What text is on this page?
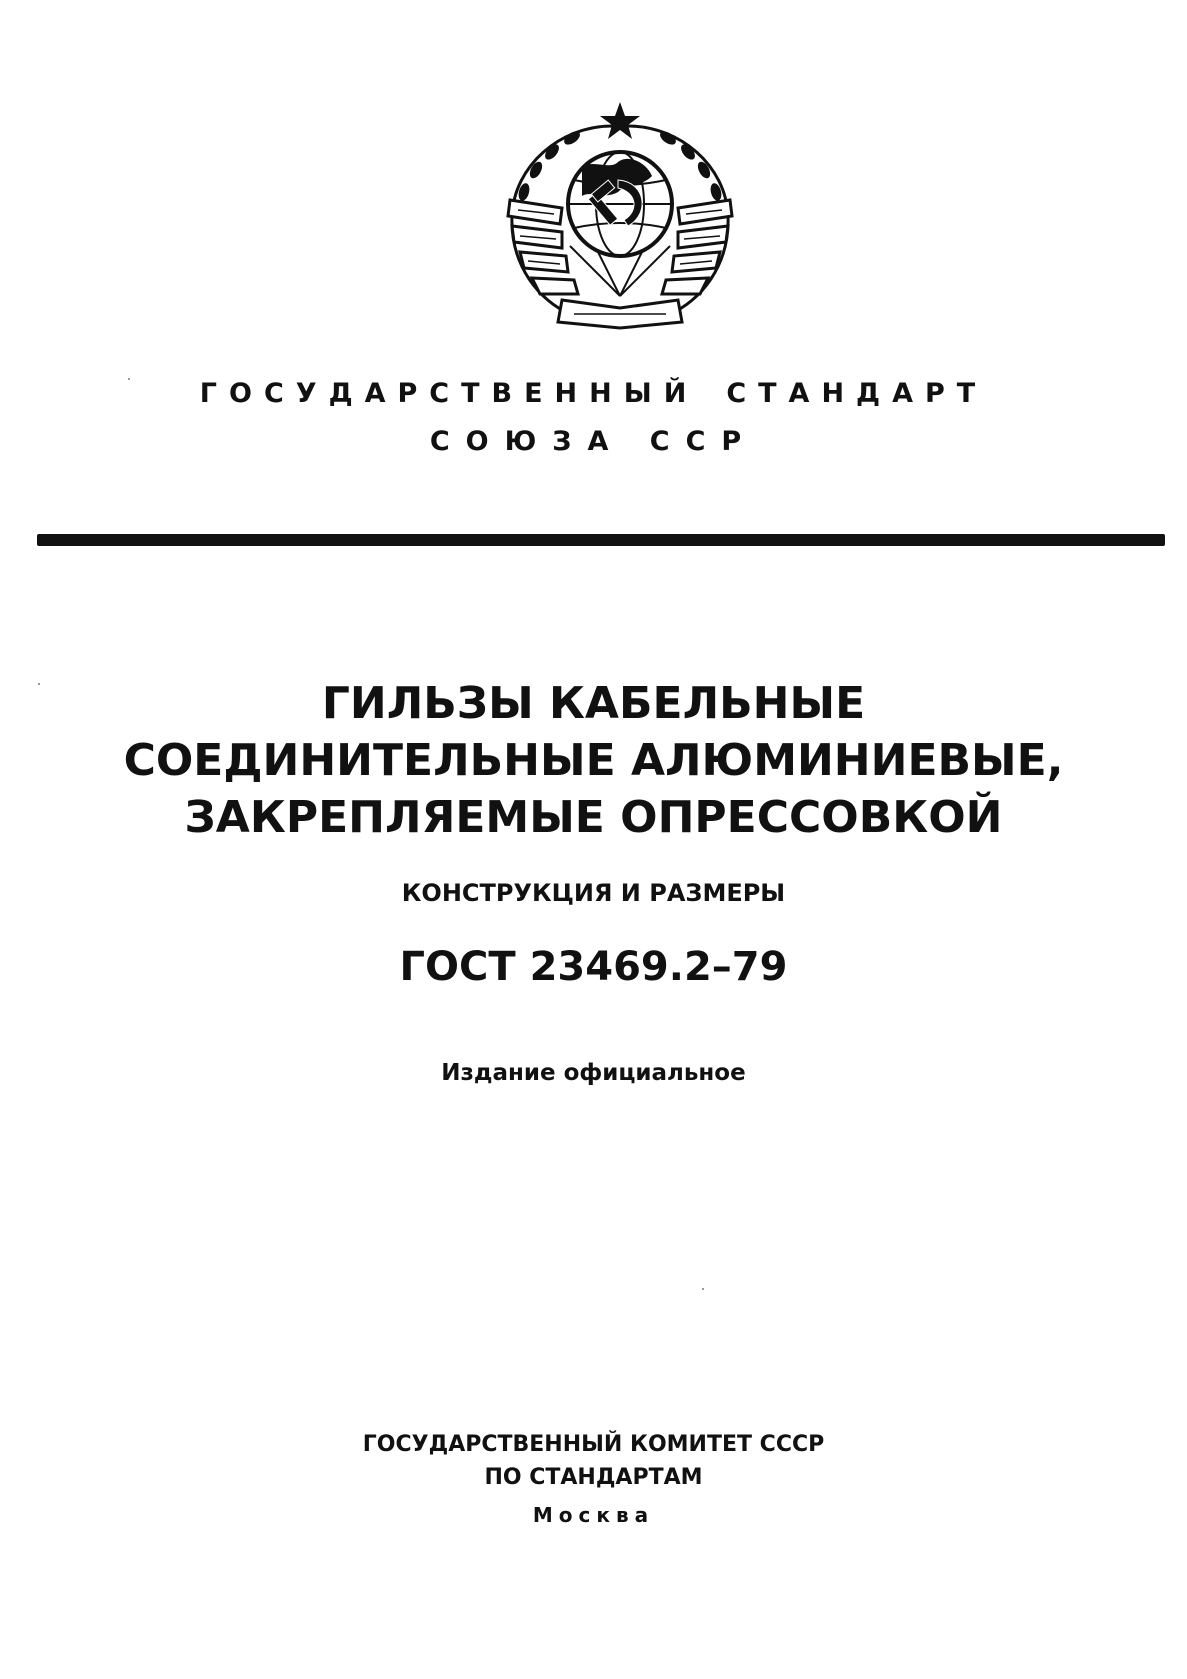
ГОСУДАРСТВЕННЫЙ СТАНДАРТ
СОЮЗА ССР
ГИЛЬЗЫ КАБЕЛЬНЫЕ
СОЕДИНИТЕЛЬНЫЕ АЛЮМИНИЕВЫЕ,
ЗАКРЕПЛЯЕМЫЕ ОПРЕССОВКОЙ
КОНСТРУКЦИЯ И РАЗМЕРЫ
ГОСТ 23469.2–79
Издание официальное
ГОСУДАРСТВЕННЫЙ КОМИТЕТ СССР
ПО СТАНДАРТАМ
Москва
